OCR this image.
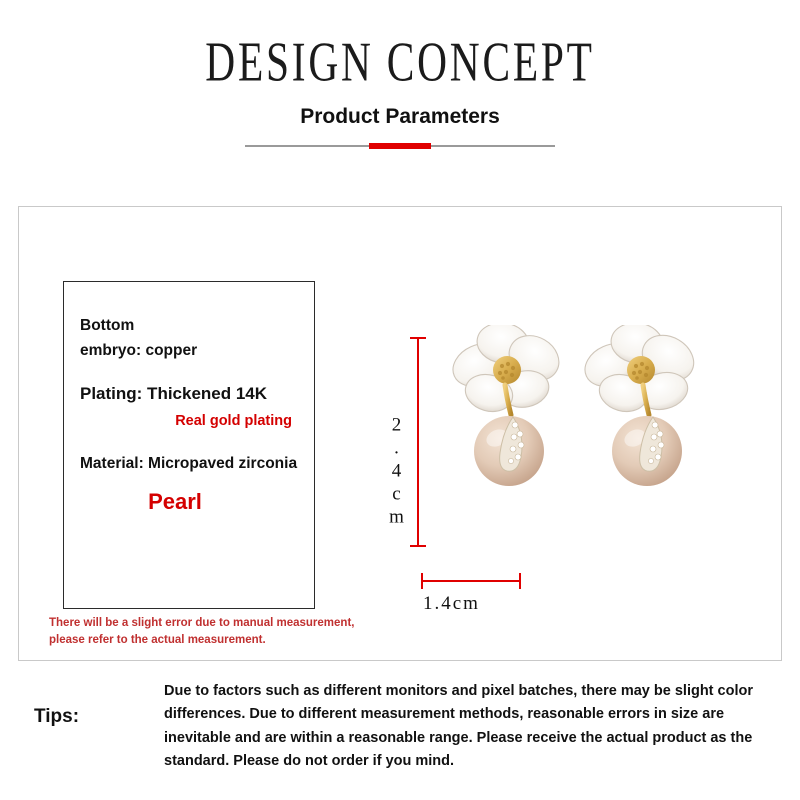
DESIGN CONCEPT
Product Parameters
Bottom
embryo: copper
Plating: Thickened 14K
Real gold plating
Material: Micropaved zirconia
Pearl
There will be a slight error due to manual measurement, please refer to the actual measurement.
2.4cm
1.4cm
Tips:
Due to factors such as different monitors and pixel batches, there may be slight color differences. Due to different measurement methods, reasonable errors in size are inevitable and are within a reasonable range. Please receive the actual product as the standard. Please do not order if you mind.
